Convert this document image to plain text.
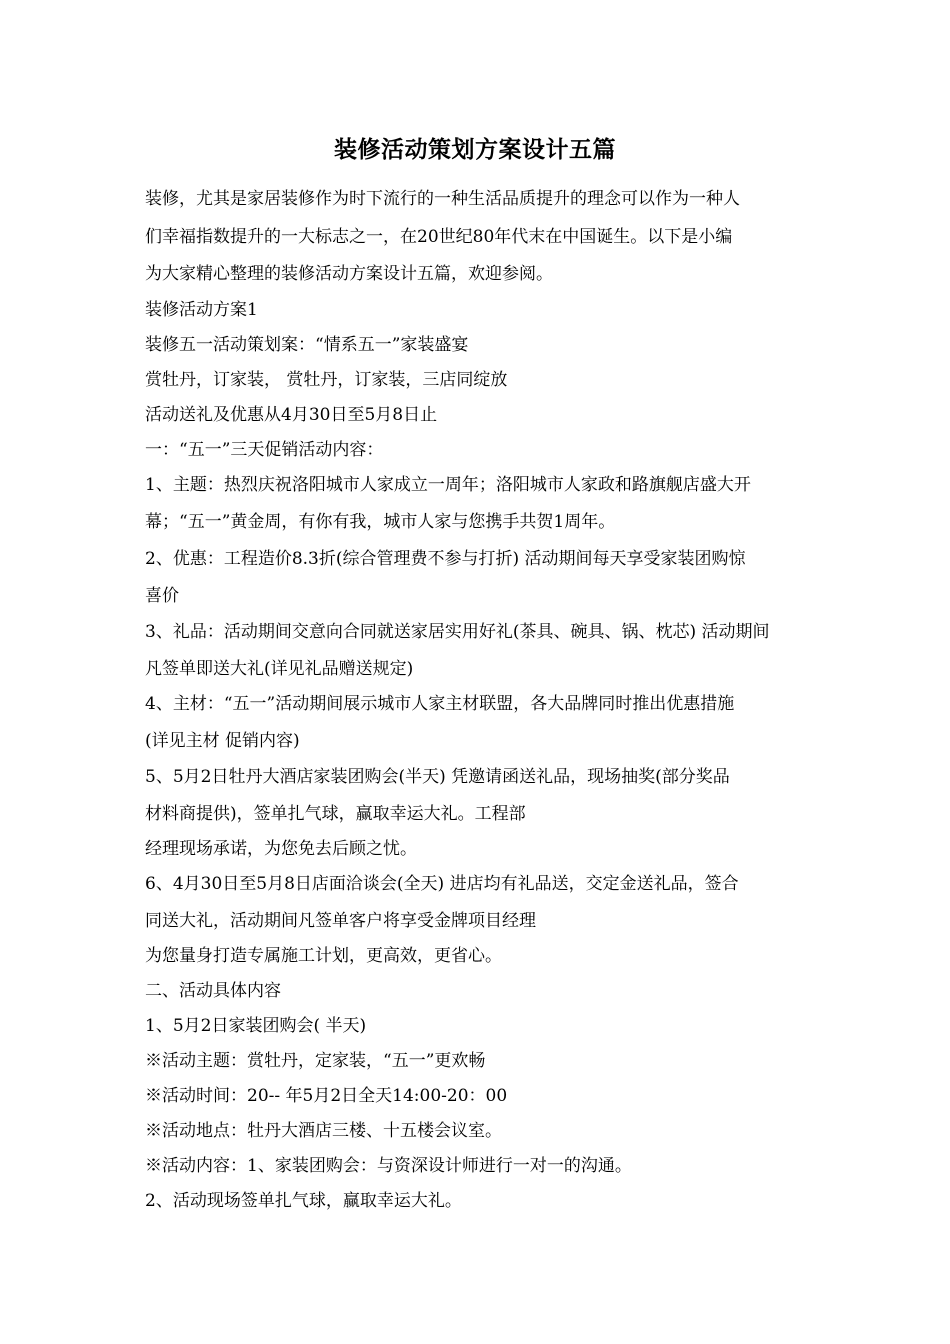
装修活动策划方案设计五篇
装修，尤其是家居装修作为时下流行的一种生活品质提升的理念可以作为一种人
们幸福指数提升的一大标志之一，在20世纪80年代末在中国诞生。以下是小编
为大家精心整理的装修活动方案设计五篇，欢迎参阅。
装修活动方案1
装修五一活动策划案：“情系五一”家装盛宴
赏牡丹，订家装， 赏牡丹，订家装，三店同绽放
活动送礼及优惠从4月30日至5月8日止
一：“五一”三天促销活动内容：
1、主题：热烈庆祝洛阳城市人家成立一周年；洛阳城市人家政和路旗舰店盛大开
幕；“五一”黄金周，有你有我，城市人家与您携手共贺1周年。
2、优惠：工程造价8.3折(综合管理费不参与打折) 活动期间每天享受家装团购惊
喜价
3、礼品：活动期间交意向合同就送家居实用好礼(茶具、碗具、锅、枕芯) 活动期间
凡签单即送大礼(详见礼品赠送规定)
4、主材：“五一”活动期间展示城市人家主材联盟，各大品牌同时推出优惠措施
(详见主材 促销内容)
5、5月2日牡丹大酒店家装团购会(半天) 凭邀请函送礼品，现场抽奖(部分奖品
材料商提供)，签单扎气球，赢取幸运大礼。工程部
经理现场承诺，为您免去后顾之忧。
6、4月30日至5月8日店面洽谈会(全天) 进店均有礼品送，交定金送礼品，签合
同送大礼，活动期间凡签单客户将享受金牌项目经理
为您量身打造专属施工计划，更高效，更省心。
二、活动具体内容
1、5月2日家装团购会( 半天)
※活动主题：赏牡丹，定家装，“五一”更欢畅
※活动时间：20-- 年5月2日全天14:00-20：00
※活动地点：牡丹大酒店三楼、十五楼会议室。
※活动内容：1、家装团购会：与资深设计师进行一对一的沟通。
2、活动现场签单扎气球，赢取幸运大礼。
